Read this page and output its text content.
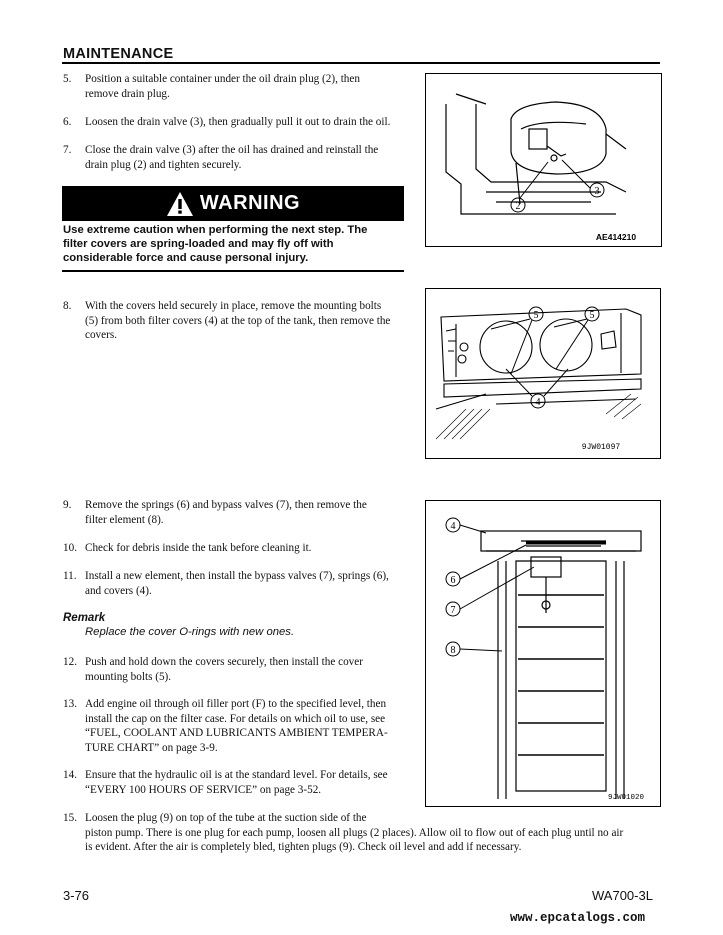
MAINTENANCE
5. Position a suitable container under the oil drain plug (2), then
remove drain plug.
6. Loosen the drain valve (3), then gradually pull it out to drain the oil.
7. Close the drain valve (3) after the oil has drained and reinstall the
drain plug (2) and tighten securely.
WARNING
Use extreme caution when performing the next step. The
filter covers are spring-loaded and may fly off with
considerable force and cause personal injury.
8. With the covers held securely in place, remove the mounting bolts
(5) from both filter covers (4) at the top of the tank, then remove the
covers.
9. Remove the springs (6) and bypass valves (7), then remove the
filter element (8).
10. Check for debris inside the tank before cleaning it.
11. Install a new element, then install the bypass valves (7), springs (6),
and covers (4).
Remark
Replace the cover O-rings with new ones.
12. Push and hold down the covers securely, then install the cover
mounting bolts (5).
13. Add engine oil through oil filler port (F) to the specified level, then
install the cap on the filter case. For details on which oil to use, see
“FUEL, COOLANT AND LUBRICANTS AMBIENT TEMPERA-
TURE CHART” on page 3-9.
14. Ensure that the hydraulic oil is at the standard level. For details, see
“EVERY 100 HOURS OF SERVICE” on page 3-52.
15. Loosen the plug (9) on top of the tube at the suction side of the
piston pump. There is one plug for each pump, loosen all plugs (2 places). Allow oil to flow out of each plug until no air
is evident. After the air is completely bled, tighten plugs (9). Check oil level and add if necessary.
2
3
AE414210
5	5
4
9JW01097
4
6
7
8
9JW01020
3-76	WA700-3L
www.epcatalogs.com
